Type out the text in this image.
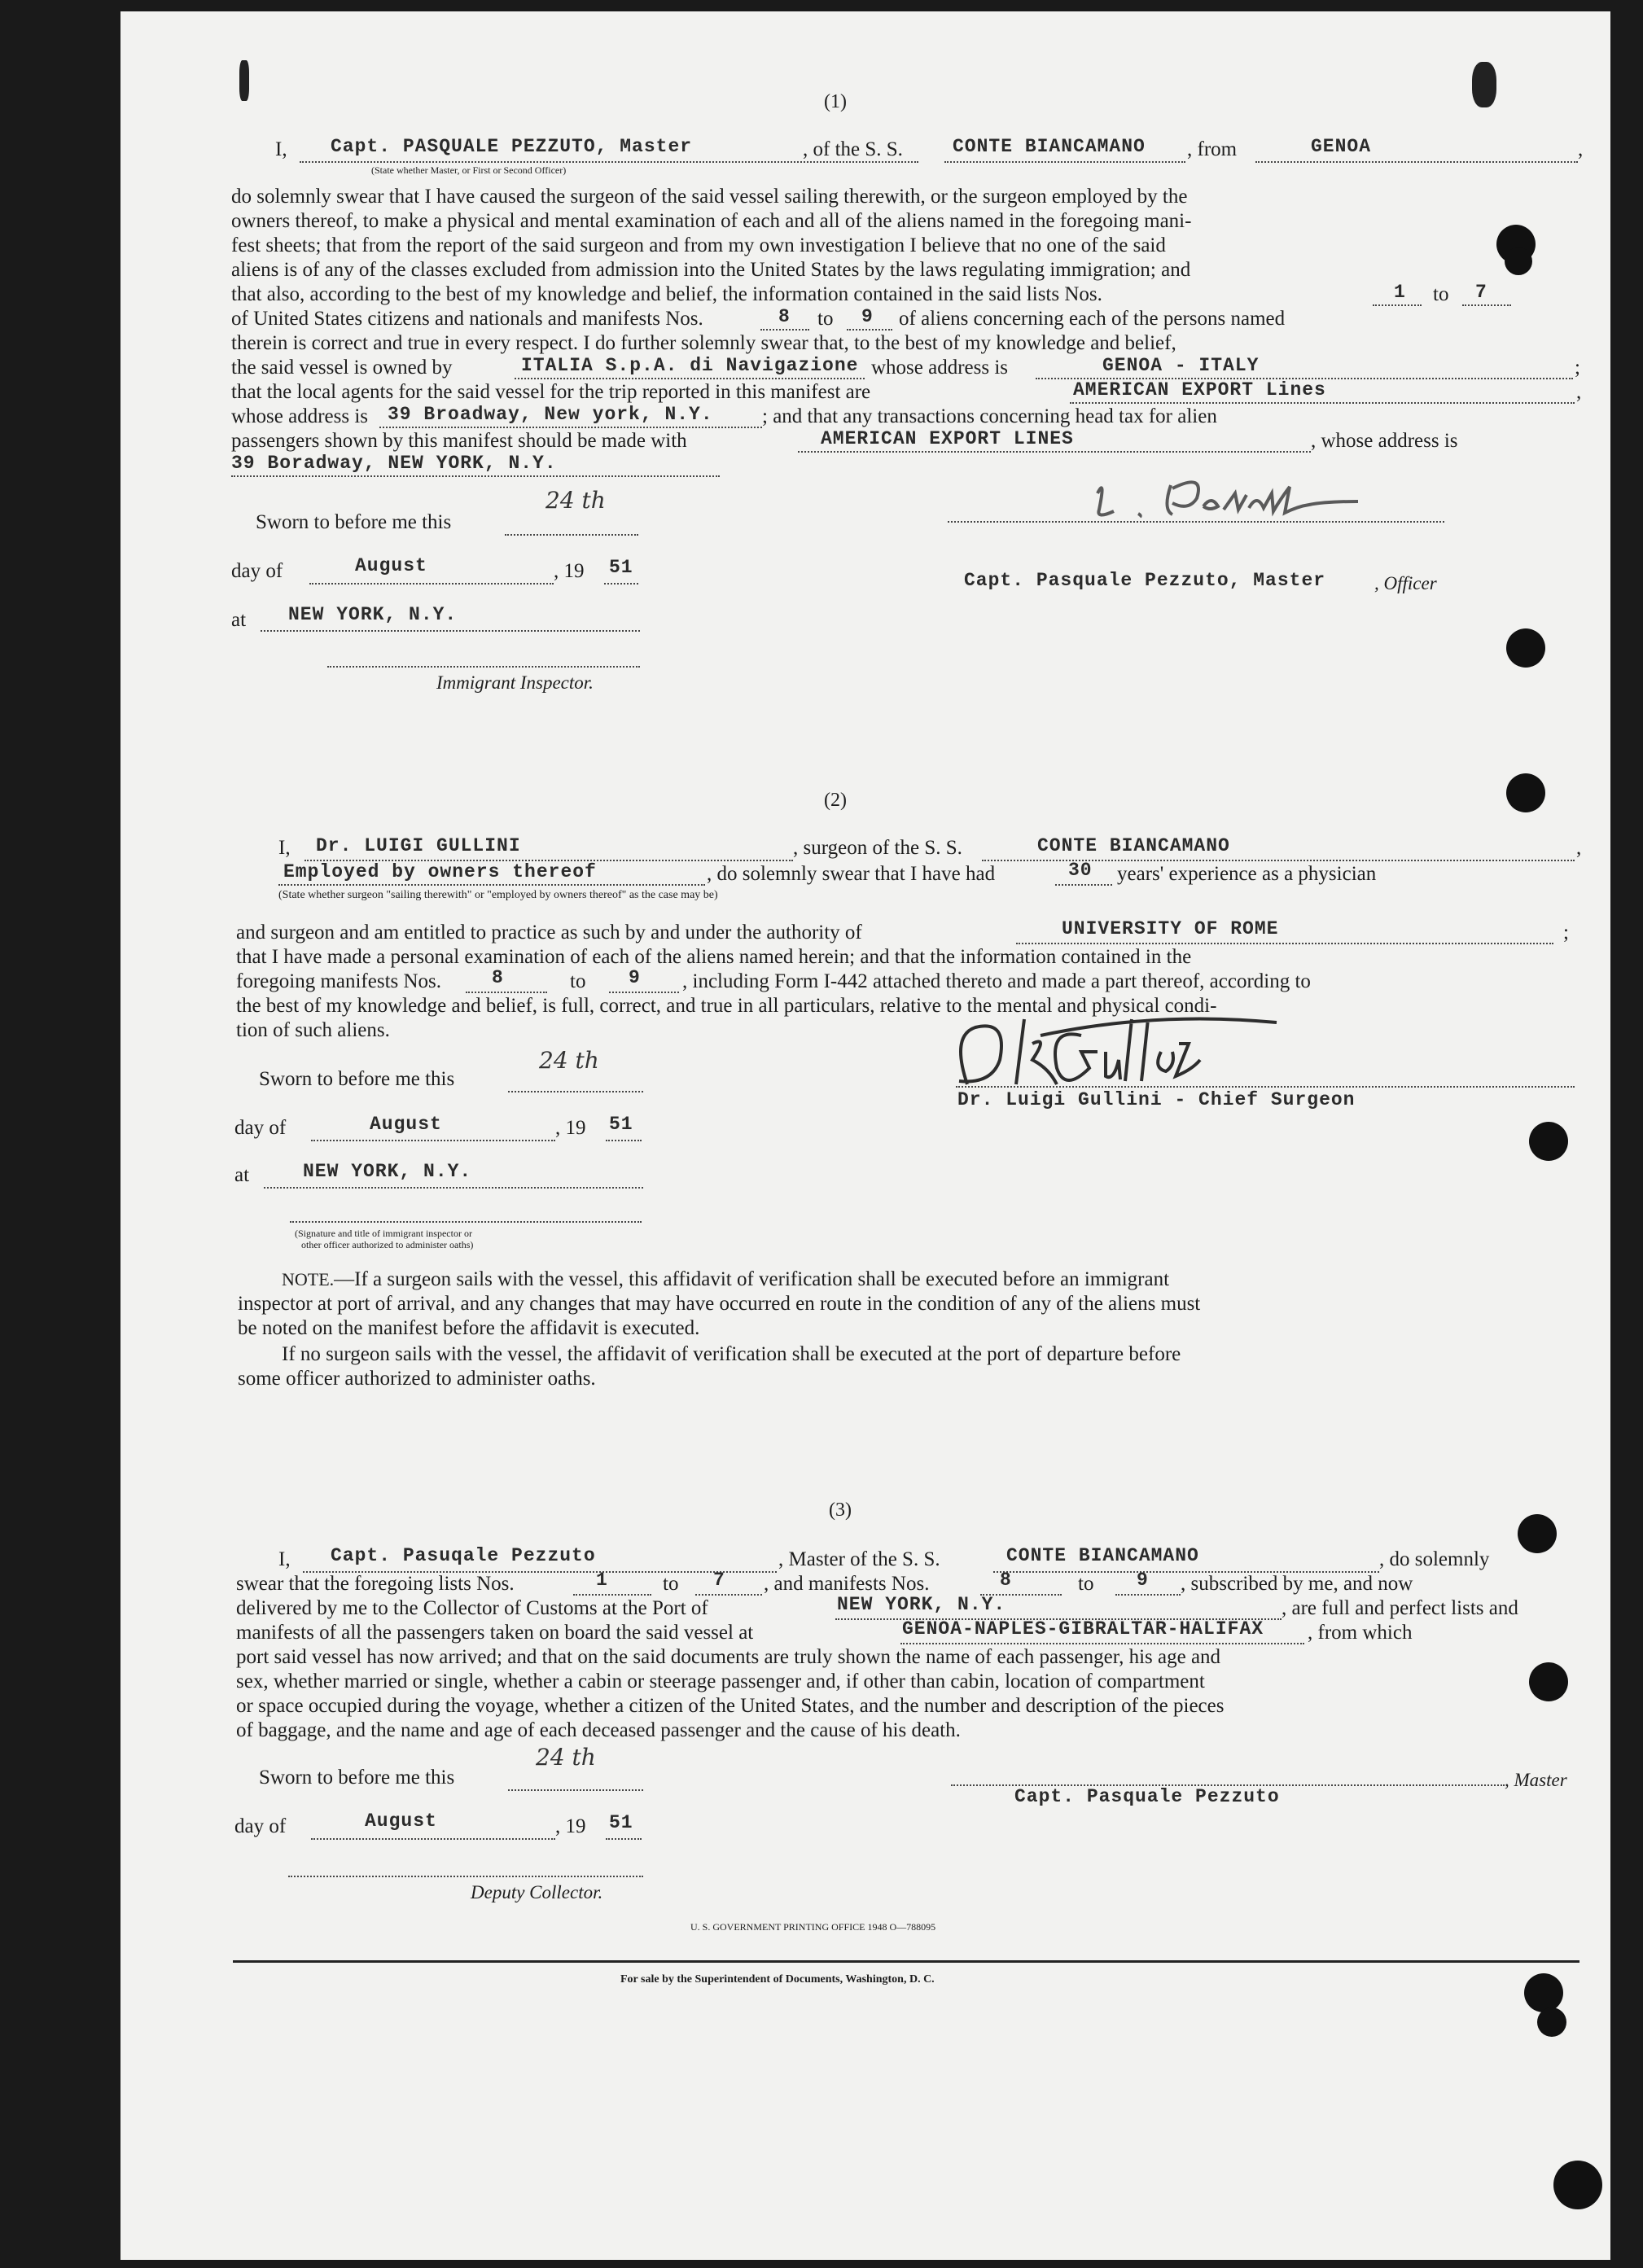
(1)
I, Capt. PASQUALE PEZZUTO, Master
(State whether Master, or First or Second Officer)
, of the S. S.	CONTE BIANCAMANO , from	GENOA	,
do solemnly swear that I have caused the surgeon of the said vessel sailing therewith, or the surgeon employed by the
owners thereof, to make a physical and mental examination of each and all of the aliens named in the foregoing mani-
fest sheets; that from the report of the said surgeon and from my own investigation I believe that no one of the said
aliens is of any of the classes excluded from admission into the United States by the laws regulating immigration; and
that also, according to the best of my knowledge and belief, the information contained in the said lists Nos.	1 to 7
of United States citizens and nationals and manifests Nos.	8 to 9 of aliens concerning each of the persons named
therein is correct and true in every respect. I do further solemnly swear that, to the best of my knowledge and belief,
the said vessel is owned by	ITALIA S.p.A. di Navigazione whose address is	GENOA - ITALY	;
that the local agents for the said vessel for the trip reported in this manifest are	AMERICAN EXPORT Lines	,
whose address is 39 Broadway, New york, N.Y. ; and that any transactions concerning head tax for alien
passengers shown by this manifest should be made with	AMERICAN EXPORT LINES	, whose address is
39 Boradway, NEW YORK, N.Y.
Sworn to before me this
24 th
day of	August	, 19 51
at NEW YORK, N.Y.
Immigrant Inspector.
Capt. Pasquale Pezzuto, Master	, Officer
(2)
I, Dr. LUIGI GULLINI	, surgeon of the S. S.	CONTE BIANCAMANO	,
Employed by owners thereof
(State whether surgeon "sailing therewith" or "employed by owners thereof" as the case may be)
, do solemnly swear that I have had	30 years' experience as a physician
and surgeon and am entitled to practice as such by and under the authority of	UNIVERSITY OF ROME	;
that I have made a personal examination of each of the aliens named herein; and that the information contained in the
foregoing manifests Nos.	8	to 9 , including Form I-442 attached thereto and made a part thereof, according to
the best of my knowledge and belief, is full, correct, and true in all particulars, relative to the mental and physical condi-
tion of such aliens.
Sworn to before me this
24 th
day of	August	, 19 51
at	NEW YORK, N.Y.
(Signature and title of immigrant inspector or
other officer authorized to administer oaths)
Dr. Luigi Gullini - Chief Surgeon
NOTE.—If a surgeon sails with the vessel, this affidavit of verification shall be executed before an immigrant
inspector at port of arrival, and any changes that may have occurred en route in the condition of any of the aliens must
be noted on the manifest before the affidavit is executed.
If no surgeon sails with the vessel, the affidavit of verification shall be executed at the port of departure before
some officer authorized to administer oaths.
(3)
I, Capt. Pasuqale Pezzuto	, Master of the S. S.	CONTE BIANCAMANO	, do solemnly
swear that the foregoing lists Nos.	1	to 7 , and manifests Nos.	8	to 9 , subscribed by me, and now
delivered by me to the Collector of Customs at the Port of	NEW YORK, N.Y.	, are full and perfect lists and
manifests of all the passengers taken on board the said vessel at	GENOA-NAPLES-GIBRALTAR-HALIFAX , from which
port said vessel has now arrived; and that on the said documents are truly shown the name of each passenger, his age and
sex, whether married or single, whether a cabin or steerage passenger and, if other than cabin, location of compartment
or space occupied during the voyage, whether a citizen of the United States, and the number and description of the pieces
of baggage, and the name and age of each deceased passenger and the cause of his death.
Sworn to before me this
24 th
day of	August	, 19 51
Deputy Collector.
, Master
Capt. Pasquale Pezzuto
U. S. GOVERNMENT PRINTING OFFICE 1948 O—788095
For sale by the Superintendent of Documents, Washington, D. C.
